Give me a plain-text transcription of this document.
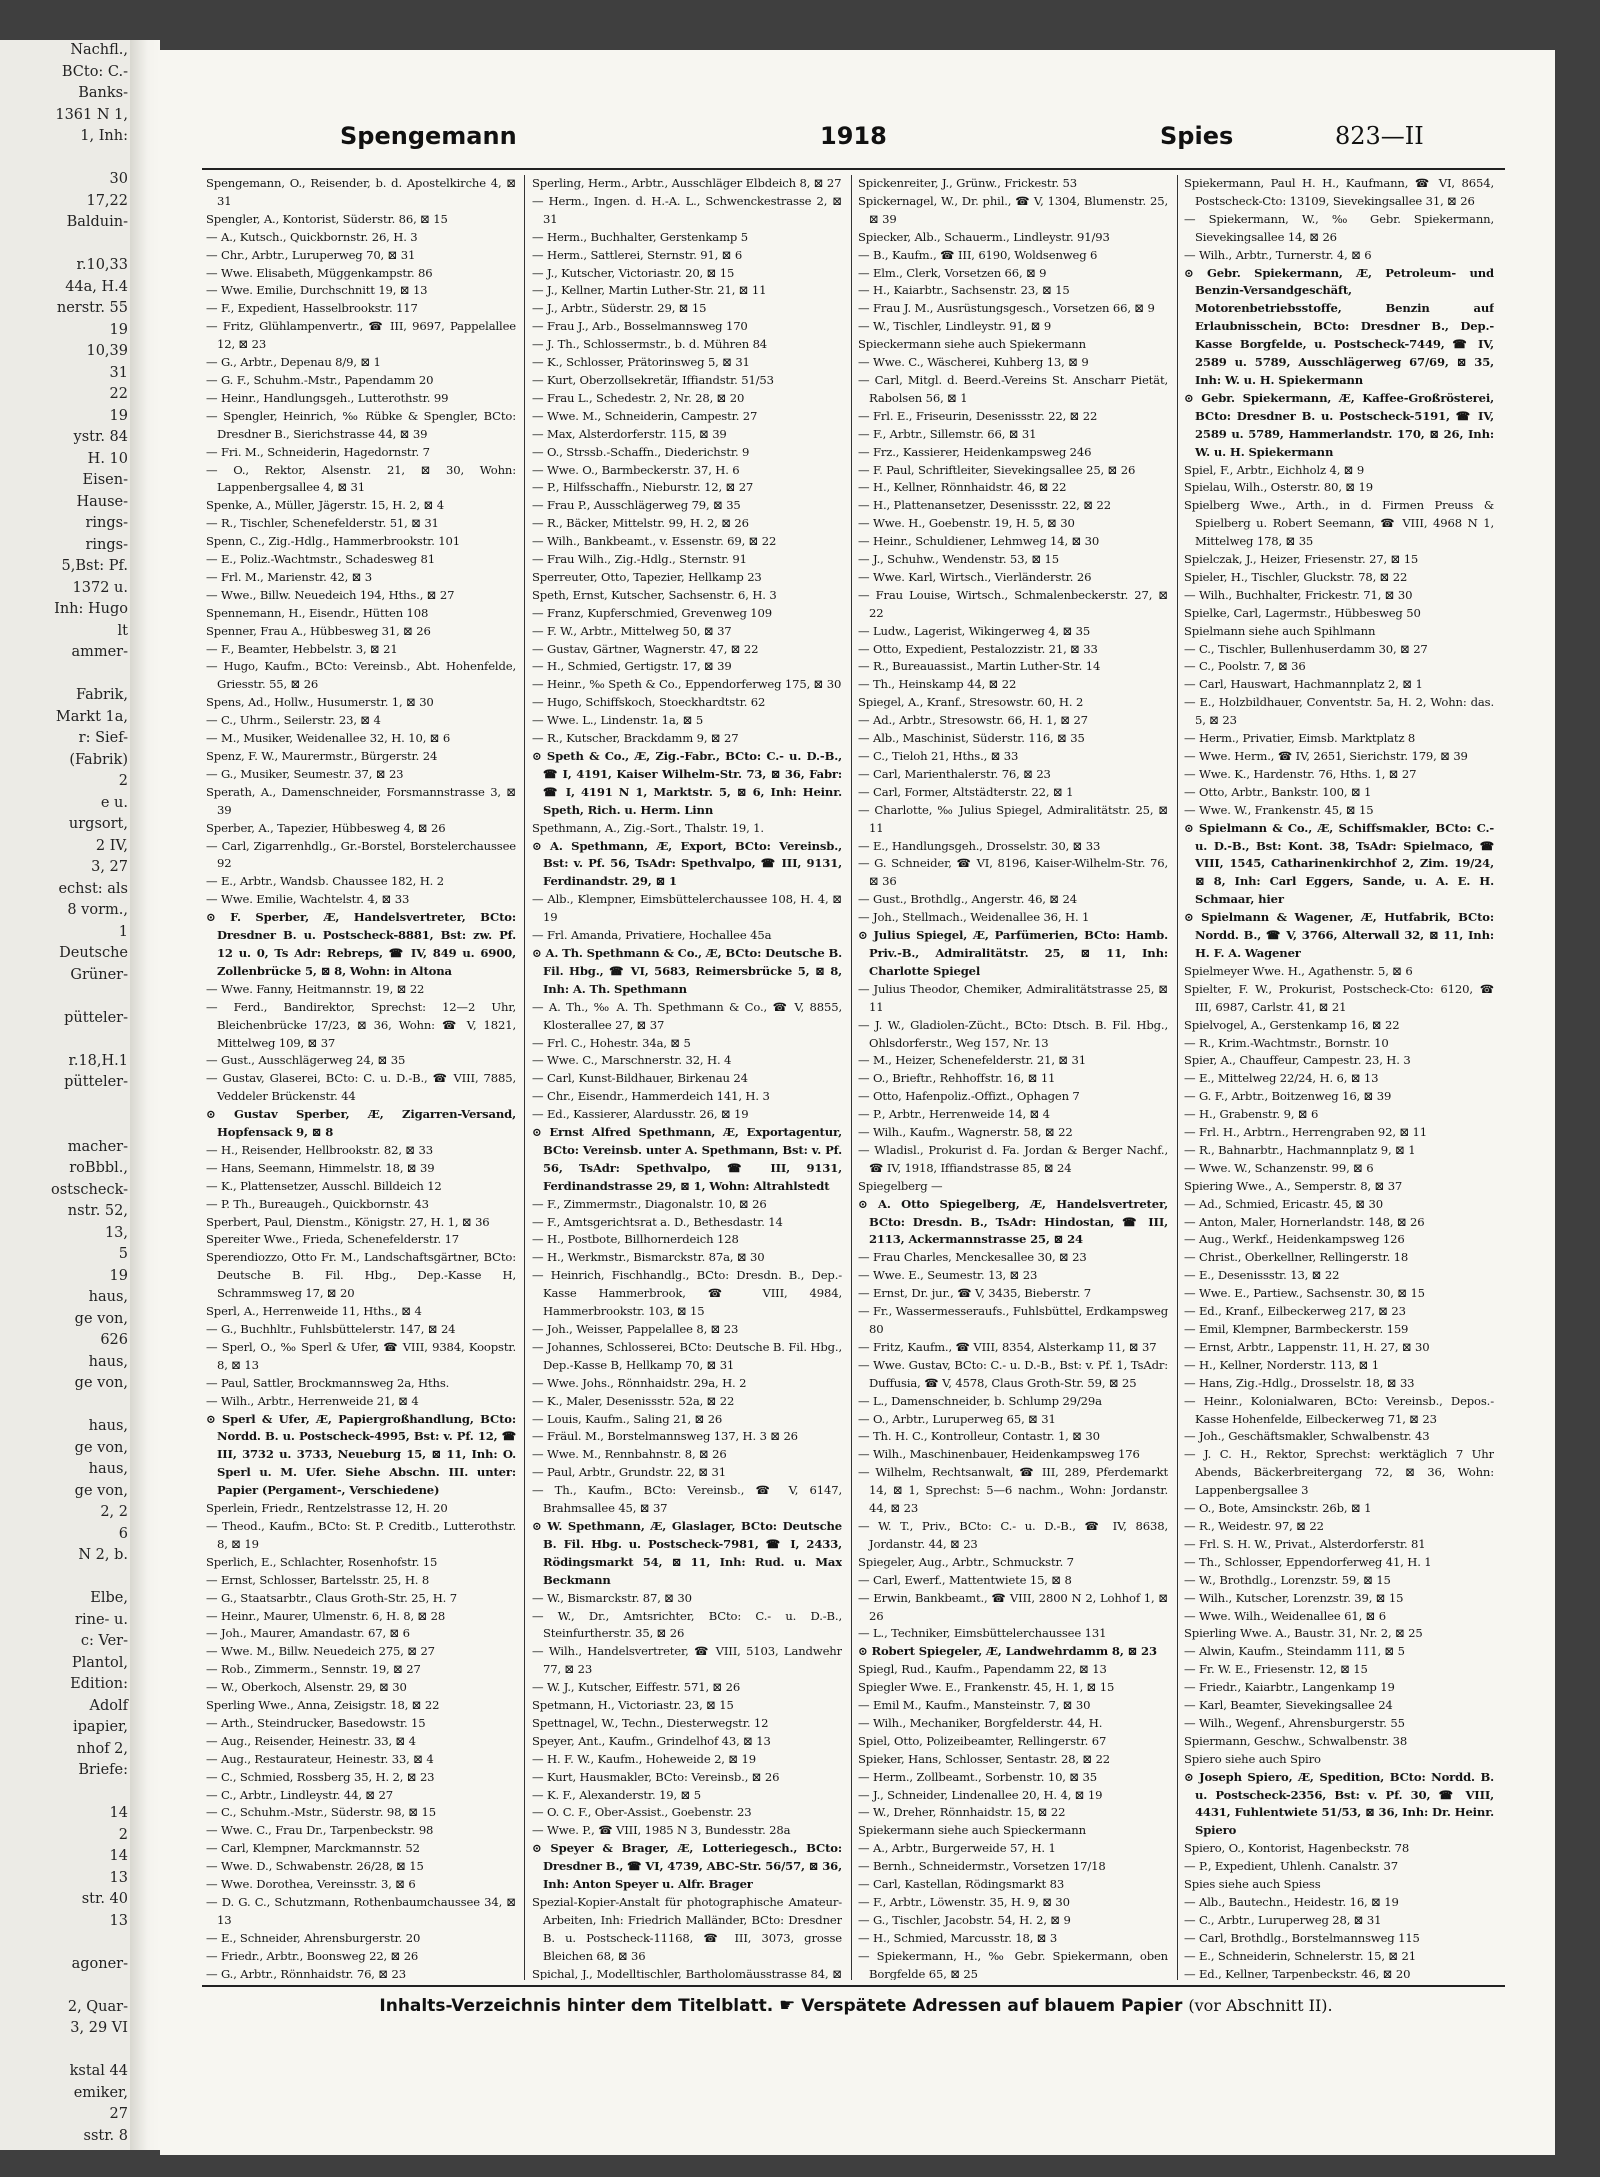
Nachfl.,
BCto: C.-
Banks-
1361 N 1,
1, Inh:

30
17,22
Balduin-

r.10,33
44a, H.4
nerstr. 55
19
10,39
31
22
19
ystr. 84
H. 10
Eisen-
Hause-
rings-
rings-
5,Bst: Pf.
1372 u.
Inh: Hugo
lt
ammer-

Fabrik,
Markt 1a,
r: Sief-
(Fabrik)
2
e u.
urgsort,
2 IV,
3, 27
echst: als
8 vorm.,
1
Deutsche
Grüner-

pütteler-

r.18,H.1
pütteler-

macher-
roBbbl.,
ostscheck-
nstr. 52,
13,
5
19
haus,
ge von,
626
haus,
ge von,

haus,
ge von,
haus,
ge von,
2, 2
6
N 2, b.

Elbe,
rine- u.
c: Ver-
Plantol,
Edition:
Adolf
ipapier,
nhof 2,
Briefe:

14
2
14
13
str. 40
13

agoner-

2, Quar-
3, 29 VI

kstal 44
emiker,
27
sstr. 8

Spengemann	1918	Spies	823—II
Spengemann, O., Reisender, b. d. Apostelkirche 4, ⊠ 31
Spengler, A., Kontorist, Süderstr. 86, ⊠ 15
— A., Kutsch., Quickbornstr. 26, H. 3
— Chr., Arbtr., Luruperweg 70, ⊠ 31
— Wwe. Elisabeth, Müggenkampstr. 86
— Wwe. Emilie, Durchschnitt 19, ⊠ 13
— F., Expedient, Hasselbrookstr. 117
— Fritz, Glühlampenvertr., ☎ III, 9697, Pappelallee 12, ⊠ 23
— G., Arbtr., Depenau 8/9, ⊠ 1
— G. F., Schuhm.-Mstr., Papendamm 20
— Heinr., Handlungsgeh., Lutterothstr. 99
— Spengler, Heinrich, ‰ Rübke & Spengler, BCto: Dresdner B., Sierichstrasse 44, ⊠ 39
— Fri. M., Schneiderin, Hagedornstr. 7
— O., Rektor, Alsenstr. 21, ⊠ 30, Wohn: Lappenbergsallee 4, ⊠ 31
Spenke, A., Müller, Jägerstr. 15, H. 2, ⊠ 4
— R., Tischler, Schenefelderstr. 51, ⊠ 31
Spenn, C., Zig.-Hdlg., Hammerbrookstr. 101
— E., Poliz.-Wachtmstr., Schadesweg 81
— Frl. M., Marienstr. 42, ⊠ 3
— Wwe., Billw. Neuedeich 194, Hths., ⊠ 27
Spennemann, H., Eisendr., Hütten 108
Spenner, Frau A., Hübbesweg 31, ⊠ 26
— F., Beamter, Hebbelstr. 3, ⊠ 21
— Hugo, Kaufm., BCto: Vereinsb., Abt. Hohenfelde, Griesstr. 55, ⊠ 26
Spens, Ad., Hollw., Husumerstr. 1, ⊠ 30
— C., Uhrm., Seilerstr. 23, ⊠ 4
— M., Musiker, Weidenallee 32, H. 10, ⊠ 6
Spenz, F. W., Maurermstr., Bürgerstr. 24
— G., Musiker, Seumestr. 37, ⊠ 23
Sperath, A., Damenschneider, Forsmannstrasse 3, ⊠ 39
Sperber, A., Tapezier, Hübbesweg 4, ⊠ 26
— Carl, Zigarrenhdlg., Gr.-Borstel, Borstelerchaussee 92
— E., Arbtr., Wandsb. Chaussee 182, H. 2
— Wwe. Emilie, Wachtelstr. 4, ⊠ 33
⊙ F. Sperber, Æ, Handelsvertreter, BCto: Dresdner B. u. Postscheck-8881, Bst: zw. Pf. 12 u. 0, Ts Adr: Rebreps, ☎ IV, 849 u. 6900, Zollenbrücke 5, ⊠ 8, Wohn: in Altona
— Wwe. Fanny, Heitmannstr. 19, ⊠ 22
— Ferd., Bandirektor, Sprechst: 12—2 Uhr, Bleichenbrücke 17/23, ⊠ 36, Wohn: ☎ V, 1821, Mittelweg 109, ⊠ 37
— Gust., Ausschlägerweg 24, ⊠ 35
— Gustav, Glaserei, BCto: C. u. D.-B., ☎ VIII, 7885, Veddeler Brückenstr. 44
⊙ Gustav Sperber, Æ, Zigarren-Versand, Hopfensack 9, ⊠ 8
— H., Reisender, Hellbrookstr. 82, ⊠ 33
— Hans, Seemann, Himmelstr. 18, ⊠ 39
— K., Plattensetzer, Ausschl. Billdeich 12
— P. Th., Bureaugeh., Quickbornstr. 43
Sperbert, Paul, Dienstm., Königstr. 27, H. 1, ⊠ 36
Spereiter Wwe., Frieda, Schenefelderstr. 17
Sperendiozzo, Otto Fr. M., Landschaftsgärtner, BCto: Deutsche B. Fil. Hbg., Dep.-Kasse H, Schrammsweg 17, ⊠ 20
Sperl, A., Herrenweide 11, Hths., ⊠ 4
— G., Buchhltr., Fuhlsbüttelerstr. 147, ⊠ 24
— Sperl, O., ‰ Sperl & Ufer, ☎ VIII, 9384, Koopstr. 8, ⊠ 13
— Paul, Sattler, Brockmannsweg 2a, Hths.
— Wilh., Arbtr., Herrenweide 21, ⊠ 4
⊙ Sperl & Ufer, Æ, Papiergroßhandlung, BCto: Nordd. B. u. Postscheck-4995, Bst: v. Pf. 12, ☎ III, 3732 u. 3733, Neueburg 15, ⊠ 11, Inh: O. Sperl u. M. Ufer. Siehe Abschn. III. unter: Papier (Pergament-, Verschiedene)
Sperlein, Friedr., Rentzelstrasse 12, H. 20
— Theod., Kaufm., BCto: St. P. Creditb., Lutterothstr. 8, ⊠ 19
Sperlich, E., Schlachter, Rosenhofstr. 15
— Ernst, Schlosser, Bartelsstr. 25, H. 8
— G., Staatsarbtr., Claus Groth-Str. 25, H. 7
— Heinr., Maurer, Ulmenstr. 6, H. 8, ⊠ 28
— Joh., Maurer, Amandastr. 67, ⊠ 6
— Wwe. M., Billw. Neuedeich 275, ⊠ 27
— Rob., Zimmerm., Sennstr. 19, ⊠ 27
— W., Oberkoch, Alsenstr. 29, ⊠ 30
Sperling Wwe., Anna, Zeisigstr. 18, ⊠ 22
— Arth., Steindrucker, Basedowstr. 15
— Aug., Reisender, Heinestr. 33, ⊠ 4
— Aug., Restaurateur, Heinestr. 33, ⊠ 4
— C., Schmied, Rossberg 35, H. 2, ⊠ 23
— C., Arbtr., Lindleystr. 44, ⊠ 27
— C., Schuhm.-Mstr., Süderstr. 98, ⊠ 15
— Wwe. C., Frau Dr., Tarpenbeckstr. 98
— Carl, Klempner, Marckmannstr. 52
— Wwe. D., Schwabenstr. 26/28, ⊠ 15
— Wwe. Dorothea, Vereinsstr. 3, ⊠ 6
— D. G. C., Schutzmann, Rothenbaumchaussee 34, ⊠ 13
— E., Schneider, Ahrensburgerstr. 20
— Friedr., Arbtr., Boonsweg 22, ⊠ 26
— G., Arbtr., Rönnhaidstr. 76, ⊠ 23
Sperling, Herm., Arbtr., Ausschläger Elbdeich 8, ⊠ 27
— Herm., Ingen. d. H.-A. L., Schwenckestrasse 2, ⊠ 31
— Herm., Buchhalter, Gerstenkamp 5
— Herm., Sattlerei, Sternstr. 91, ⊠ 6
— J., Kutscher, Victoriastr. 20, ⊠ 15
— J., Kellner, Martin Luther-Str. 21, ⊠ 11
— J., Arbtr., Süderstr. 29, ⊠ 15
— Frau J., Arb., Bosselmannsweg 170
— J. Th., Schlossermstr., b. d. Mühren 84
— K., Schlosser, Prätorinsweg 5, ⊠ 31
— Kurt, Oberzollsekretär, Iffiandstr. 51/53
— Frau L., Schedestr. 2, Nr. 28, ⊠ 20
— Wwe. M., Schneiderin, Campestr. 27
— Max, Alsterdorferstr. 115, ⊠ 39
— O., Strssb.-Schaffn., Diederichstr. 9
— Wwe. O., Barmbeckerstr. 37, H. 6
— P., Hilfsschaffn., Nieburstr. 12, ⊠ 27
— Frau P., Ausschlägerweg 79, ⊠ 35
— R., Bäcker, Mittelstr. 99, H. 2, ⊠ 26
— Wilh., Bankbeamt., v. Essenstr. 69, ⊠ 22
— Frau Wilh., Zig.-Hdlg., Sternstr. 91
Sperreuter, Otto, Tapezier, Hellkamp 23
Speth, Ernst, Kutscher, Sachsenstr. 6, H. 3
— Franz, Kupferschmied, Grevenweg 109
— F. W., Arbtr., Mittelweg 50, ⊠ 37
— Gustav, Gärtner, Wagnerstr. 47, ⊠ 22
— H., Schmied, Gertigstr. 17, ⊠ 39
— Heinr., ‰ Speth & Co., Eppendorferweg 175, ⊠ 30
— Hugo, Schiffskoch, Stoeckhardtstr. 62
— Wwe. L., Lindenstr. 1a, ⊠ 5
— R., Kutscher, Brackdamm 9, ⊠ 27
⊙ Speth & Co., Æ, Zig.-Fabr., BCto: C.- u. D.-B., ☎ I, 4191, Kaiser Wilhelm-Str. 73, ⊠ 36, Fabr: ☎ I, 4191 N 1, Marktstr. 5, ⊠ 6, Inh: Heinr. Speth, Rich. u. Herm. Linn
Spethmann, A., Zig.-Sort., Thalstr. 19, 1.
⊙ A. Spethmann, Æ, Export, BCto: Vereinsb., Bst: v. Pf. 56, TsAdr: Spethvalpo, ☎ III, 9131, Ferdinandstr. 29, ⊠ 1
— Alb., Klempner, Eimsbüttelerchaussee 108, H. 4, ⊠ 19
— Frl. Amanda, Privatiere, Hochallee 45a
⊙ A. Th. Spethmann & Co., Æ, BCto: Deutsche B. Fil. Hbg., ☎ VI, 5683, Reimersbrücke 5, ⊠ 8, Inh: A. Th. Spethmann
— A. Th., ‰ A. Th. Spethmann & Co., ☎ V, 8855, Klosterallee 27, ⊠ 37
— Frl. C., Hohestr. 34a, ⊠ 5
— Wwe. C., Marschnerstr. 32, H. 4
— Carl, Kunst-Bildhauer, Birkenau 24
— Chr., Eisendr., Hammerdeich 141, H. 3
— Ed., Kassierer, Alardusstr. 26, ⊠ 19
⊙ Ernst Alfred Spethmann, Æ, Exportagentur, BCto: Vereinsb. unter A. Spethmann, Bst: v. Pf. 56, TsAdr: Spethvalpo, ☎ III, 9131, Ferdinandstrasse 29, ⊠ 1, Wohn: Altrahlstedt
— F., Zimmermstr., Diagonalstr. 10, ⊠ 26
— F., Amtsgerichtsrat a. D., Bethesdastr. 14
— H., Postbote, Billhornerdeich 128
— H., Werkmstr., Bismarckstr. 87a, ⊠ 30
— Heinrich, Fischhandlg., BCto: Dresdn. B., Dep.-Kasse Hammerbrook, ☎ VIII, 4984, Hammerbrookstr. 103, ⊠ 15
— Joh., Weisser, Pappelallee 8, ⊠ 23
— Johannes, Schlosserei, BCto: Deutsche B. Fil. Hbg., Dep.-Kasse B, Hellkamp 70, ⊠ 31
— Wwe. Johs., Rönnhaidstr. 29a, H. 2
— K., Maler, Desenissstr. 52a, ⊠ 22
— Louis, Kaufm., Saling 21, ⊠ 26
— Fräul. M., Borstelmannsweg 137, H. 3 ⊠ 26
— Wwe. M., Rennbahnstr. 8, ⊠ 26
— Paul, Arbtr., Grundstr. 22, ⊠ 31
— Th., Kaufm., BCto: Vereinsb., ☎ V, 6147, Brahmsallee 45, ⊠ 37
⊙ W. Spethmann, Æ, Glaslager, BCto: Deutsche B. Fil. Hbg. u. Postscheck-7981, ☎ I, 2433, Rödingsmarkt 54, ⊠ 11, Inh: Rud. u. Max Beckmann
— W., Bismarckstr. 87, ⊠ 30
— W., Dr., Amtsrichter, BCto: C.- u. D.-B., Steinfurtherstr. 35, ⊠ 26
— Wilh., Handelsvertreter, ☎ VIII, 5103, Landwehr 77, ⊠ 23
— W. J., Kutscher, Eiffestr. 571, ⊠ 26
Spetmann, H., Victoriastr. 23, ⊠ 15
Spettnagel, W., Techn., Diesterwegstr. 12
Speyer, Ant., Kaufm., Grindelhof 43, ⊠ 13
— H. F. W., Kaufm., Hoheweide 2, ⊠ 19
— Kurt, Hausmakler, BCto: Vereinsb., ⊠ 26
— K. F., Alexanderstr. 19, ⊠ 5
— O. C. F., Ober-Assist., Goebenstr. 23
— Wwe. P., ☎ VIII, 1985 N 3, Bundesstr. 28a
⊙ Speyer & Brager, Æ, Lotteriegesch., BCto: Dresdner B., ☎ VI, 4739, ABC-Str. 56/57, ⊠ 36, Inh: Anton Speyer u. Alfr. Brager
Spezial-Kopier-Anstalt für photographische Amateur-Arbeiten, Inh: Friedrich Malländer, BCto: Dresdner B. u. Postscheck-11168, ☎ III, 3073, grosse Bleichen 68, ⊠ 36
Spichal, J., Modelltischler, Bartholomäusstrasse 84, ⊠
Spickenreiter, J., Grünw., Frickestr. 53
Spickernagel, W., Dr. phil., ☎ V, 1304, Blumenstr. 25, ⊠ 39
Spiecker, Alb., Schauerm., Lindleystr. 91/93
— B., Kaufm., ☎ III, 6190, Woldsenweg 6
— Elm., Clerk, Vorsetzen 66, ⊠ 9
— H., Kaiarbtr., Sachsenstr. 23, ⊠ 15
— Frau J. M., Ausrüstungsgesch., Vorsetzen 66, ⊠ 9
— W., Tischler, Lindleystr. 91, ⊠ 9
Spieckermann siehe auch Spiekermann
— Wwe. C., Wäscherei, Kuhberg 13, ⊠ 9
— Carl, Mitgl. d. Beerd.-Vereins St. Anscharr Pietät, Rabolsen 56, ⊠ 1
— Frl. E., Friseurin, Desenissstr. 22, ⊠ 22
— F., Arbtr., Sillemstr. 66, ⊠ 31
— Frz., Kassierer, Heidenkampsweg 246
— F. Paul, Schriftleiter, Sievekingsallee 25, ⊠ 26
— H., Kellner, Rönnhaidstr. 46, ⊠ 22
— H., Plattenansetzer, Desenissstr. 22, ⊠ 22
— Wwe. H., Goebenstr. 19, H. 5, ⊠ 30
— Heinr., Schuldiener, Lehmweg 14, ⊠ 30
— J., Schuhw., Wendenstr. 53, ⊠ 15
— Wwe. Karl, Wirtsch., Vierländerstr. 26
— Frau Louise, Wirtsch., Schmalenbeckerstr. 27, ⊠ 22
— Ludw., Lagerist, Wikingerweg 4, ⊠ 35
— Otto, Expedient, Pestalozzistr. 21, ⊠ 33
— R., Bureauassist., Martin Luther-Str. 14
— Th., Heinskamp 44, ⊠ 22
Spiegel, A., Kranf., Stresowstr. 60, H. 2
— Ad., Arbtr., Stresowstr. 66, H. 1, ⊠ 27
— Alb., Maschinist, Süderstr. 116, ⊠ 35
— C., Tieloh 21, Hths., ⊠ 33
— Carl, Marienthalerstr. 76, ⊠ 23
— Carl, Former, Altstädterstr. 22, ⊠ 1
— Charlotte, ‰ Julius Spiegel, Admiralitätstr. 25, ⊠ 11
— E., Handlungsgeh., Drosselstr. 30, ⊠ 33
— G. Schneider, ☎ VI, 8196, Kaiser-Wilhelm-Str. 76, ⊠ 36
— Gust., Brothdlg., Angerstr. 46, ⊠ 24
— Joh., Stellmach., Weidenallee 36, H. 1
⊙ Julius Spiegel, Æ, Parfümerien, BCto: Hamb. Priv.-B., Admiralitätstr. 25, ⊠ 11, Inh: Charlotte Spiegel
— Julius Theodor, Chemiker, Admiralitätstrasse 25, ⊠ 11
— J. W., Gladiolen-Zücht., BCto: Dtsch. B. Fil. Hbg., Ohlsdorferstr., Weg 157, Nr. 13
— M., Heizer, Schenefelderstr. 21, ⊠ 31
— O., Brieftr., Rehhoffstr. 16, ⊠ 11
— Otto, Hafenpoliz.-Offizt., Ophagen 7
— P., Arbtr., Herrenweide 14, ⊠ 4
— Wilh., Kaufm., Wagnerstr. 58, ⊠ 22
— Wladisl., Prokurist d. Fa. Jordan & Berger Nachf., ☎ IV, 1918, Iffiandstrasse 85, ⊠ 24
Spiegelberg —
⊙ A. Otto Spiegelberg, Æ, Handelsvertreter, BCto: Dresdn. B., TsAdr: Hindostan, ☎ III, 2113, Ackermannstrasse 25, ⊠ 24
— Frau Charles, Menckesallee 30, ⊠ 23
— Wwe. E., Seumestr. 13, ⊠ 23
— Ernst, Dr. jur., ☎ V, 3435, Bieberstr. 7
— Fr., Wassermesseraufs., Fuhlsbüttel, Erdkampsweg 80
— Fritz, Kaufm., ☎ VIII, 8354, Alsterkamp 11, ⊠ 37
— Wwe. Gustav, BCto: C.- u. D.-B., Bst: v. Pf. 1, TsAdr: Duffusia, ☎ V, 4578, Claus Groth-Str. 59, ⊠ 25
— L., Damenschneider, b. Schlump 29/29a
— O., Arbtr., Luruperweg 65, ⊠ 31
— Th. H. C., Kontrolleur, Contastr. 1, ⊠ 30
— Wilh., Maschinenbauer, Heidenkampsweg 176
— Wilhelm, Rechtsanwalt, ☎ III, 289, Pferdemarkt 14, ⊠ 1, Sprechst: 5—6 nachm., Wohn: Jordanstr. 44, ⊠ 23
— W. T., Priv., BCto: C.- u. D.-B., ☎ IV, 8638, Jordanstr. 44, ⊠ 23
Spiegeler, Aug., Arbtr., Schmuckstr. 7
— Carl, Ewerf., Mattentwiete 15, ⊠ 8
— Erwin, Bankbeamt., ☎ VIII, 2800 N 2, Lohhof 1, ⊠ 26
— L., Techniker, Eimsbüttelerchaussee 131
⊙ Robert Spiegeler, Æ, Landwehrdamm 8, ⊠ 23
Spiegl, Rud., Kaufm., Papendamm 22, ⊠ 13
Spiegler Wwe. E., Frankenstr. 45, H. 1, ⊠ 15
— Emil M., Kaufm., Mansteinstr. 7, ⊠ 30
— Wilh., Mechaniker, Borgfelderstr. 44, H.
Spiel, Otto, Polizeibeamter, Rellingerstr. 67
Spieker, Hans, Schlosser, Sentastr. 28, ⊠ 22
— Herm., Zollbeamt., Sorbenstr. 10, ⊠ 35
— J., Schneider, Lindenallee 20, H. 4, ⊠ 19
— W., Dreher, Rönnhaidstr. 15, ⊠ 22
Spiekermann siehe auch Spieckermann
— A., Arbtr., Burgerweide 57, H. 1
— Bernh., Schneidermstr., Vorsetzen 17/18
— Carl, Kastellan, Rödingsmarkt 83
— F., Arbtr., Löwenstr. 35, H. 9, ⊠ 30
— G., Tischler, Jacobstr. 54, H. 2, ⊠ 9
— H., Schmied, Marcusstr. 18, ⊠ 3
— Spiekermann, H., ‰ Gebr. Spiekermann, oben Borgfelde 65, ⊠ 25
Spiekermann, Paul H. H., Kaufmann, ☎ VI, 8654, Postscheck-Cto: 13109, Sievekingsallee 31, ⊠ 26
— Spiekermann, W., ‰ Gebr. Spiekermann, Sievekingsallee 14, ⊠ 26
— Wilh., Arbtr., Turnerstr. 4, ⊠ 6
⊙ Gebr. Spiekermann, Æ, Petroleum- und Benzin-Versandgeschäft, Motorenbetriebsstoffe, Benzin auf Erlaubnisschein, BCto: Dresdner B., Dep.-Kasse Borgfelde, u. Postscheck-7449, ☎ IV, 2589 u. 5789, Ausschlägerweg 67/69, ⊠ 35, Inh: W. u. H. Spiekermann
⊙ Gebr. Spiekermann, Æ, Kaffee-Großrösterei, BCto: Dresdner B. u. Postscheck-5191, ☎ IV, 2589 u. 5789, Hammerlandstr. 170, ⊠ 26, Inh: W. u. H. Spiekermann
Spiel, F., Arbtr., Eichholz 4, ⊠ 9
Spielau, Wilh., Osterstr. 80, ⊠ 19
Spielberg Wwe., Arth., in d. Firmen Preuss & Spielberg u. Robert Seemann, ☎ VIII, 4968 N 1, Mittelweg 178, ⊠ 35
Spielczak, J., Heizer, Friesenstr. 27, ⊠ 15
Spieler, H., Tischler, Gluckstr. 78, ⊠ 22
— Wilh., Buchhalter, Frickestr. 71, ⊠ 30
Spielke, Carl, Lagermstr., Hübbesweg 50
Spielmann siehe auch Spihlmann
— C., Tischler, Bullenhuserdamm 30, ⊠ 27
— C., Poolstr. 7, ⊠ 36
— Carl, Hauswart, Hachmannplatz 2, ⊠ 1
— E., Holzbildhauer, Conventstr. 5a, H. 2, Wohn: das. 5, ⊠ 23
— Herm., Privatier, Eimsb. Marktplatz 8
— Wwe. Herm., ☎ IV, 2651, Sierichstr. 179, ⊠ 39
— Wwe. K., Hardenstr. 76, Hths. 1, ⊠ 27
— Otto, Arbtr., Bankstr. 100, ⊠ 1
— Wwe. W., Frankenstr. 45, ⊠ 15
⊙ Spielmann & Co., Æ, Schiffsmakler, BCto: C.- u. D.-B., Bst: Kont. 38, TsAdr: Spielmaco, ☎ VIII, 1545, Catharinenkirchhof 2, Zim. 19/24, ⊠ 8, Inh: Carl Eggers, Sande, u. A. E. H. Schmaar, hier
⊙ Spielmann & Wagener, Æ, Hutfabrik, BCto: Nordd. B., ☎ V, 3766, Alterwall 32, ⊠ 11, Inh: H. F. A. Wagener
Spielmeyer Wwe. H., Agathenstr. 5, ⊠ 6
Spielter, F. W., Prokurist, Postscheck-Cto: 6120, ☎ III, 6987, Carlstr. 41, ⊠ 21
Spielvogel, A., Gerstenkamp 16, ⊠ 22
— R., Krim.-Wachtmstr., Bornstr. 10
Spier, A., Chauffeur, Campestr. 23, H. 3
— E., Mittelweg 22/24, H. 6, ⊠ 13
— G. F., Arbtr., Boitzenweg 16, ⊠ 39
— H., Grabenstr. 9, ⊠ 6
— Frl. H., Arbtrn., Herrengraben 92, ⊠ 11
— R., Bahnarbtr., Hachmannplatz 9, ⊠ 1
— Wwe. W., Schanzenstr. 99, ⊠ 6
Spiering Wwe., A., Semperstr. 8, ⊠ 37
— Ad., Schmied, Ericastr. 45, ⊠ 30
— Anton, Maler, Hornerlandstr. 148, ⊠ 26
— Aug., Werkf., Heidenkampsweg 126
— Christ., Oberkellner, Rellingerstr. 18
— E., Desenissstr. 13, ⊠ 22
— Wwe. E., Partiew., Sachsenstr. 30, ⊠ 15
— Ed., Kranf., Eilbeckerweg 217, ⊠ 23
— Emil, Klempner, Barmbeckerstr. 159
— Ernst, Arbtr., Lappenstr. 11, H. 27, ⊠ 30
— H., Kellner, Norderstr. 113, ⊠ 1
— Hans, Zig.-Hdlg., Drosselstr. 18, ⊠ 33
— Heinr., Kolonialwaren, BCto: Vereinsb., Depos.-Kasse Hohenfelde, Eilbeckerweg 71, ⊠ 23
— Joh., Geschäftsmakler, Schwalbenstr. 43
— J. C. H., Rektor, Sprechst: werktäglich 7 Uhr Abends, Bäckerbreitergang 72, ⊠ 36, Wohn: Lappenbergsallee 3
— O., Bote, Amsinckstr. 26b, ⊠ 1
— R., Weidestr. 97, ⊠ 22
— Frl. S. H. W., Privat., Alsterdorferstr. 81
— Th., Schlosser, Eppendorferweg 41, H. 1
— W., Brothdlg., Lorenzstr. 59, ⊠ 15
— Wilh., Kutscher, Lorenzstr. 39, ⊠ 15
— Wwe. Wilh., Weidenallee 61, ⊠ 6
Spierling Wwe. A., Baustr. 31, Nr. 2, ⊠ 25
— Alwin, Kaufm., Steindamm 111, ⊠ 5
— Fr. W. E., Friesenstr. 12, ⊠ 15
— Friedr., Kaiarbtr., Langenkamp 19
— Karl, Beamter, Sievekingsallee 24
— Wilh., Wegenf., Ahrensburgerstr. 55
Spiermann, Geschw., Schwalbenstr. 38
Spiero siehe auch Spiro
⊙ Joseph Spiero, Æ, Spedition, BCto: Nordd. B. u. Postscheck-2356, Bst: v. Pf. 30, ☎ VIII, 4431, Fuhlentwiete 51/53, ⊠ 36, Inh: Dr. Heinr. Spiero
Spiero, O., Kontorist, Hagenbeckstr. 78
— P., Expedient, Uhlenh. Canalstr. 37
Spies siehe auch Spiess
— Alb., Bautechn., Heidestr. 16, ⊠ 19
— C., Arbtr., Luruperweg 28, ⊠ 31
— Carl, Brothdlg., Borstelmannsweg 115
— E., Schneiderin, Schnelerstr. 15, ⊠ 21
— Ed., Kellner, Tarpenbeckstr. 46, ⊠ 20
Inhalts-Verzeichnis hinter dem Titelblatt. ☛ Verspätete Adressen auf blauem Papier (vor Abschnitt II).
